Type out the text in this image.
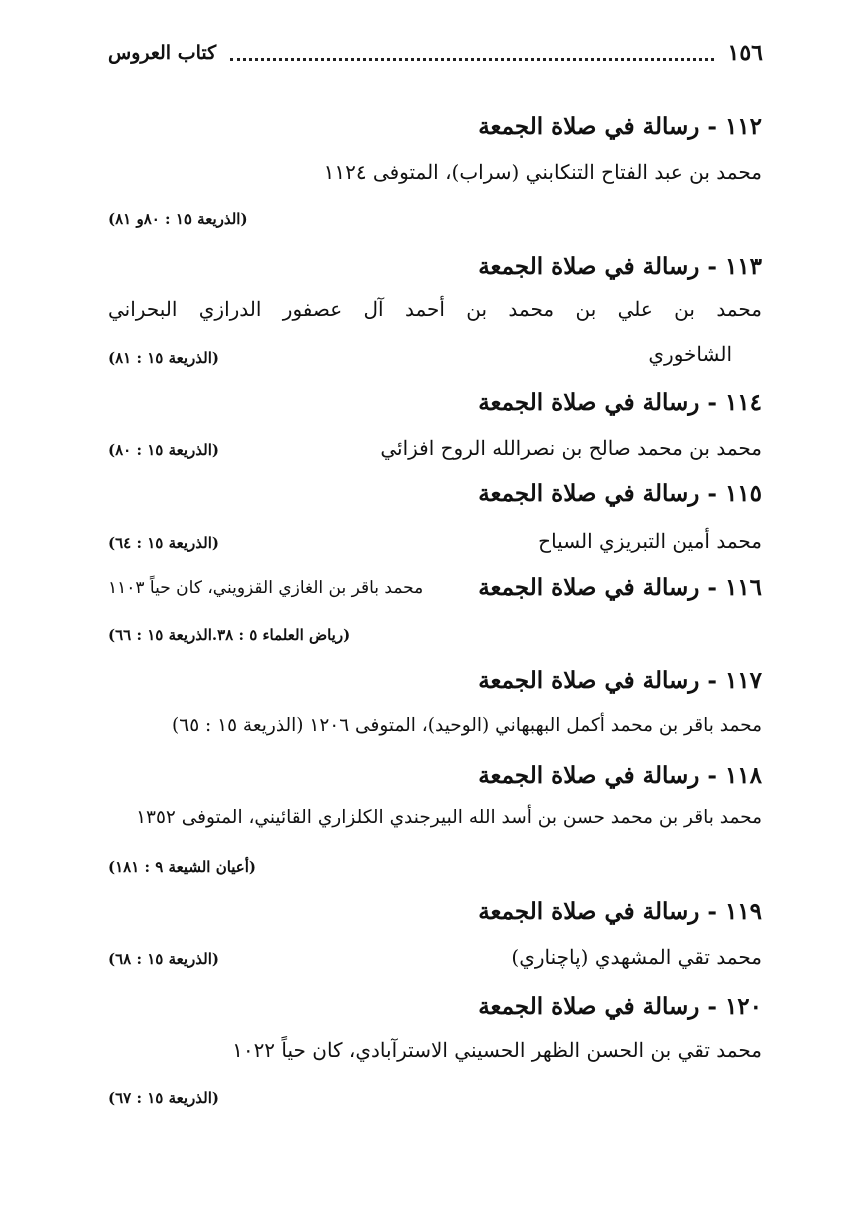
١٥٦
كتاب العروس
١١٢ - رسالة في صلاة الجمعة
محمد بن عبد الفتاح التنكابني (سراب)، المتوفى ١١٢٤
(الذريعة ١٥ : ٨٠و ٨١)
١١٣ - رسالة في صلاة الجمعة
محمد بن علي بن محمد بن أحمد آل عصفور الدرازي البحراني
الشاخوري
(الذريعة ١٥ : ٨١)
١١٤ - رسالة في صلاة الجمعة
محمد بن محمد صالح بن نصرالله الروح افزائي
(الذريعة ١٥ : ٨٠)
١١٥ - رسالة في صلاة الجمعة
محمد أمين التبريزي السياح
(الذريعة ١٥ : ٦٤)
١١٦ - رسالة في صلاة الجمعة
محمد باقر بن الغازي القزويني، كان حياً ١١٠٣
(رياض العلماء ٥ : ٣٨.الذريعة ١٥ : ٦٦)
١١٧ - رسالة في صلاة الجمعة
محمد باقر بن محمد أكمل البهبهاني (الوحيد)، المتوفى ١٢٠٦ (الذريعة ١٥ : ٦٥)
١١٨ - رسالة في صلاة الجمعة
محمد باقر بن محمد حسن بن أسد الله البيرجندي الكلزاري القائيني، المتوفى ١٣٥٢
(أعيان الشيعة ٩ : ١٨١)
١١٩ - رسالة في صلاة الجمعة
محمد تقي المشهدي (پاچناري)
(الذريعة ١٥ : ٦٨)
١٢٠ - رسالة في صلاة الجمعة
محمد تقي بن الحسن الظهر الحسيني الاسترآبادي، كان حياً ١٠٢٢
(الذريعة ١٥ : ٦٧)
